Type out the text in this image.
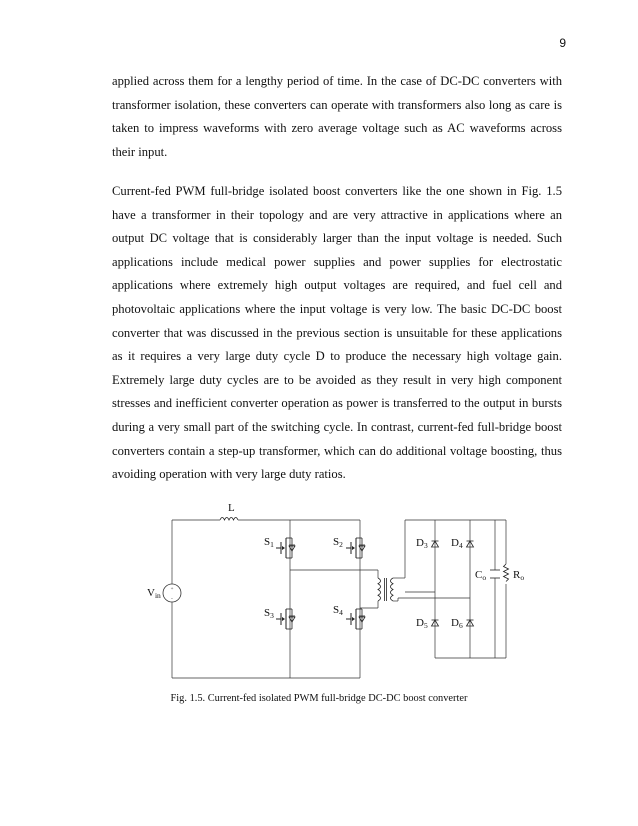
9

applied across them for a lengthy period of time. In the case of DC-DC converters with transformer isolation, these converters can operate with transformers also long as care is taken to impress waveforms with zero average voltage such as AC waveforms across their input.

Current-fed PWM full-bridge isolated boost converters like the one shown in Fig. 1.5 have a transformer in their topology and are very attractive in applications where an output DC voltage that is considerably larger than the input voltage is needed. Such applications include medical power supplies and power supplies for electrostatic applications where extremely high output voltages are required, and fuel cell and photovoltaic applications where the input voltage is very low. The basic DC-DC boost converter that was discussed in the previous section is unsuitable for these applications as it requires a very large duty cycle D to produce the necessary high voltage gain. Extremely large duty cycles are to be avoided as they result in very high component stresses and inefficient converter operation as power is transferred to the output in bursts during a very small part of the switching cycle. In contrast, current-fed full-bridge boost converters contain a step-up transformer, which can do additional voltage boosting, thus avoiding operation with very large duty ratios.

+
-
L
Vin
S1	S2
S3	S4
D3 D4
D5 D6
Co Ro
Fig. 1.5. Current-fed isolated PWM full-bridge DC-DC boost converter
